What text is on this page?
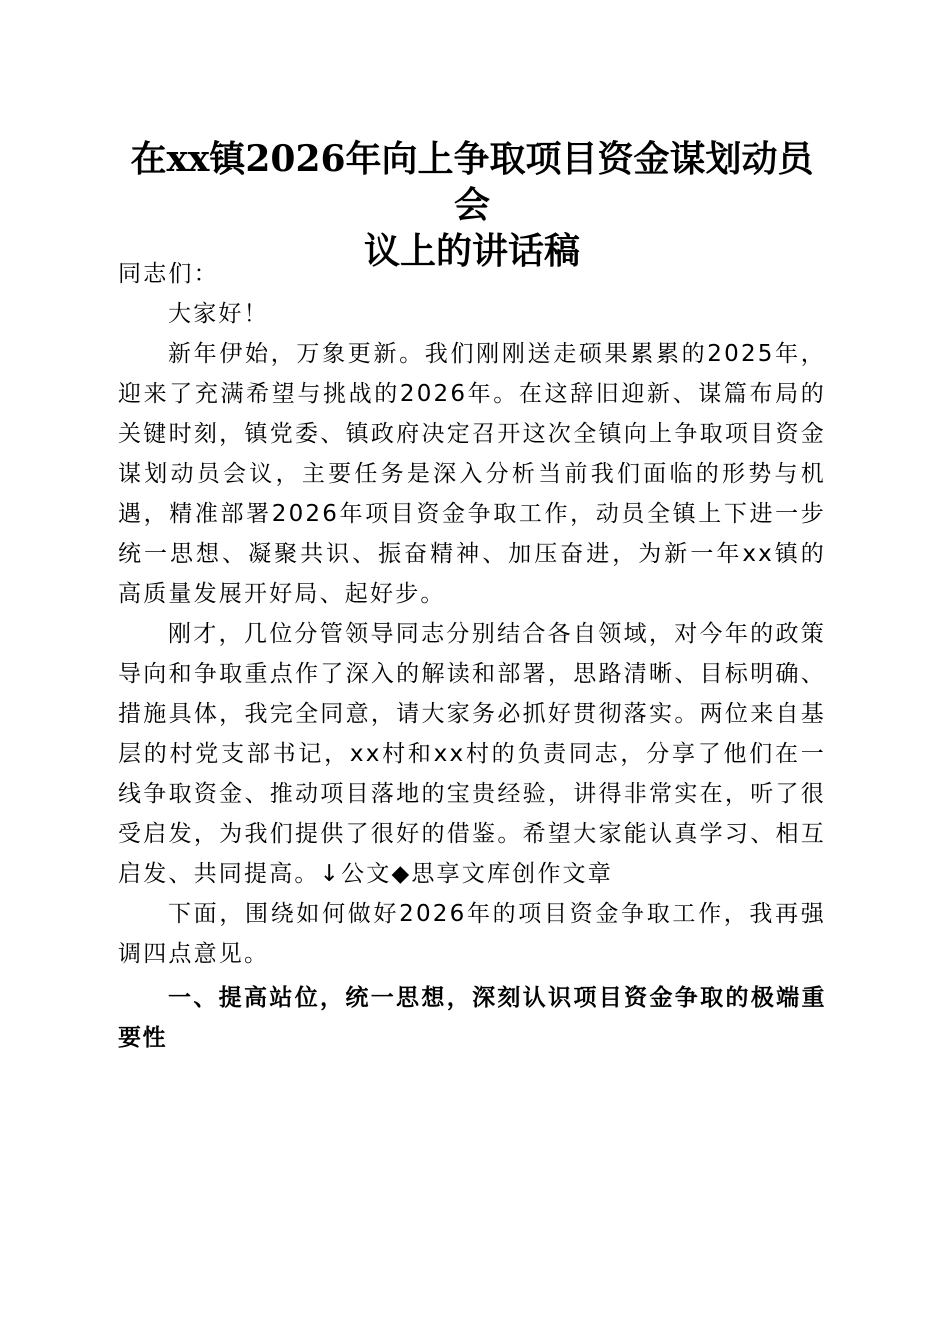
在xx镇2026年向上争取项目资金谋划动员会
议上的讲话稿

同志们：

大家好！

新年伊始，万象更新。我们刚刚送走硕果累累的2025年，迎来了充满希望与挑战的2026年。在这辞旧迎新、谋篇布局的关键时刻，镇党委、镇政府决定召开这次全镇向上争取项目资金谋划动员会议，主要任务是深入分析当前我们面临的形势与机遇，精准部署2026年项目资金争取工作，动员全镇上下进一步统一思想、凝聚共识、振奋精神、加压奋进，为新一年xx镇的高质量发展开好局、起好步。

刚才，几位分管领导同志分别结合各自领域，对今年的政策导向和争取重点作了深入的解读和部署，思路清晰、目标明确、措施具体，我完全同意，请大家务必抓好贯彻落实。两位来自基层的村党支部书记，xx村和xx村的负责同志，分享了他们在一线争取资金、推动项目落地的宝贵经验，讲得非常实在，听了很受启发，为我们提供了很好的借鉴。希望大家能认真学习、相互启发、共同提高。↓公文◆思享文库创作文章

下面，围绕如何做好2026年的项目资金争取工作，我再强调四点意见。

一、提高站位，统一思想，深刻认识项目资金争取的极端重要性
